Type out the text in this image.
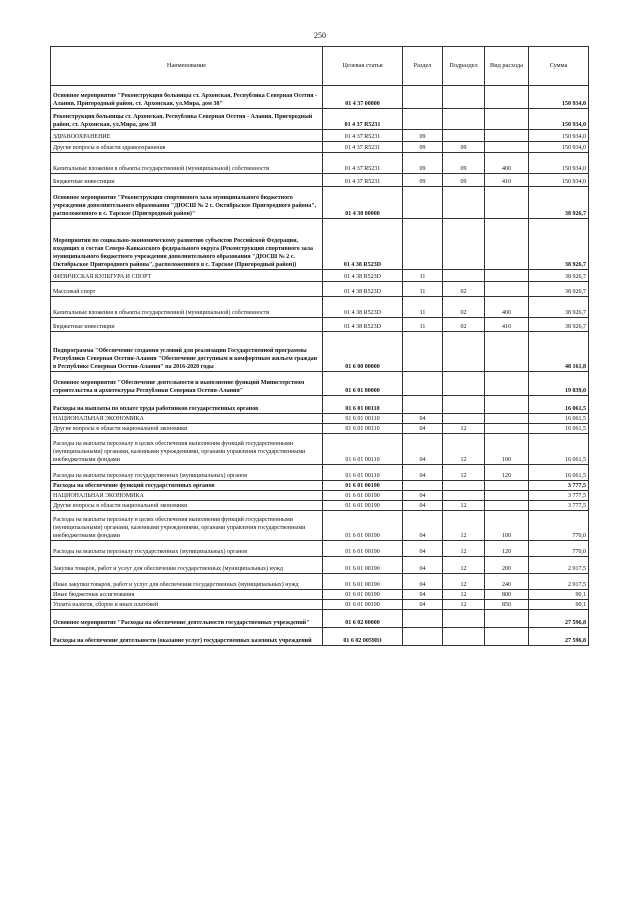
250
Наименование	Целевая статья	Раздел	Подраздел	Вид расхода	Сумма
Основное мероприятие "Реконструкция больницы ст. Архонская, Республика Северная Осетия - Алания, Пригородный район, ст. Архонская, ул.Мира, дом 38"	01 4 37 00000				150 934,0
Реконструкция больницы ст. Архонская, Республика Северная Осетия - Алания, Пригородный район, ст. Архонская, ул.Мира, дом 38	01 4 37 R5231				150 934,0
ЗДРАВООХРАНЕНИЕ	01 4 37 R5231	09			150 934,0
Другие вопросы в области здравоохранения	01 4 37 R5231	09	09		150 934,0
Капитальные вложения в объекты государственной (муниципальной) собственности	01 4 37 R5231	09	09	400	150 934,0
Бюджетные инвестиции	01 4 37 R5231	09	09	410	150 934,0
Основное мероприятие "Реконструкция спортивного зала муниципального бюджетного учреждения дополнительного образования "ДЮСШ № 2 с. Октябрьское Пригородного района", расположенного в с. Тарское (Пригородный район)"	01 4 38 00000				38 926,7
Мероприятия по социально-экономическому развитию субъектов Российской Федерации, входящих в состав Северо-Кавказского федерального округа (Реконструкция спортивного зала муниципального бюджетного учреждения дополнительного образования "ДЮСШ № 2 с. Октябрьское Пригородного района", расположенного в с. Тарское (Пригородный район))	01 4 38 R523D				38 926,7
ФИЗИЧЕСКАЯ КУЛЬТУРА И СПОРТ	01 4 38 R523D	11			38 926,7
Массовый спорт	01 4 38 R523D	11	02		38 926,7
Капитальные вложения в объекты государственной (муниципальной) собственности	01 4 38 R523D	11	02	400	38 926,7
Бюджетные инвестиции	01 4 38 R523D	11	02	410	38 926,7
Подпрограмма "Обеспечение создания условий для реализации Государственной программы Республики Северная Осетия-Алания "Обеспечение доступным и комфортным жильем граждан в Республике Северная Осетия-Алания" на 2016-2020 годы	01 6 00 00000				48 161,8
Основное мероприятие "Обеспечение деятельности и выполнение функций Министерством строительства и архитектуры Республики Северная Осетия-Алания"	01 6 01 00000				19 839,0
Расходы на выплаты по оплате труда работников государственных органов	01 6 01 00110				16 061,5
НАЦИОНАЛЬНАЯ ЭКОНОМИКА	01 6 01 00110	04			16 061,5
Другие вопросы в области национальной экономики	01 6 01 00110	04	12		16 061,5
Расходы на выплаты персоналу в целях обеспечения выполнения функций государственными (муниципальными) органами, казенными учреждениями, органами управления государственными внебюджетными фондами	01 6 01 00110	04	12	100	16 061,5
Расходы на выплаты персоналу государственных (муниципальных) органов	01 6 01 00110	04	12	120	16 061,5
Расходы на обеспечение функций государственных органов	01 6 01 00190				3 777,5
НАЦИОНАЛЬНАЯ ЭКОНОМИКА	01 6 01 00190	04			3 777,5
Другие вопросы в области национальной экономики	01 6 01 00190	04	12		3 777,5
Расходы на выплаты персоналу в целях обеспечения выполнения функций государственными (муниципальными) органами, казенными учреждениями, органами управления государственными внебюджетными фондами	01 6 01 00190	04	12	100	770,0
Расходы на выплаты персоналу государственных (муниципальных) органов	01 6 01 00190	04	12	120	770,0
Закупка товаров, работ и услуг для обеспечения государственных (муниципальных) нужд	01 6 01 00190	04	12	200	2 917,5
Иные закупки товаров, работ и услуг для обеспечения государственных (муниципальных) нужд	01 6 01 00190	04	12	240	2 917,5
Иные бюджетные ассигнования	01 6 01 00190	04	12	800	90,1
Уплата налогов, сборов и иных платежей	01 6 01 00190	04	12	850	90,1
Основное мероприятие "Расходы на обеспечение деятельности государственных учреждений"	01 6 02 00000				27 596,8
Расходы на обеспечение деятельности (оказание услуг) государственных казенных учреждений	01 6 02 0059Ю				27 596,8
